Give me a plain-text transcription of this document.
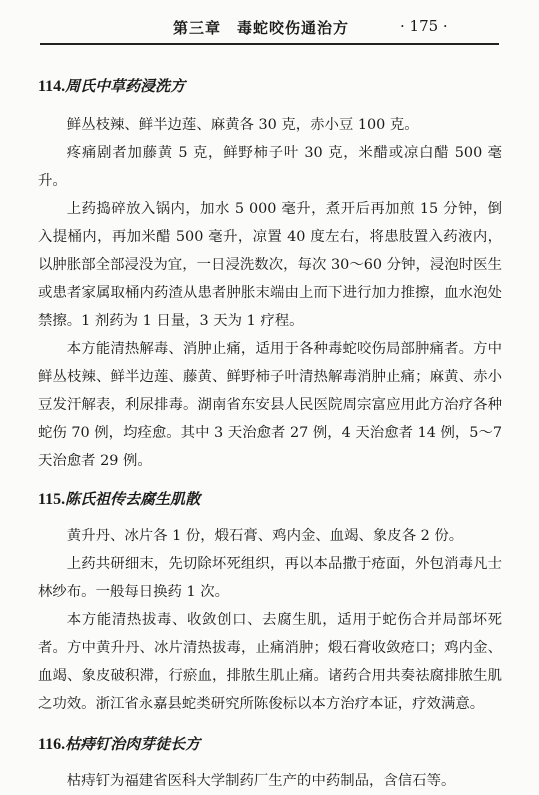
第三章　毒蛇咬伤通治方	· 175 ·
114.周氏中草药浸洗方

鲜丛枝辣、鲜半边莲、麻黄各 30 克，赤小豆 100 克。

疼痛剧者加藤黄 5 克，鲜野柿子叶 30 克，米醋或凉白醋 500 毫升。

上药捣碎放入锅内，加水 5 000 毫升，煮开后再加煎 15 分钟，倒入提桶内，再加米醋 500 毫升，凉置 40 度左右，将患肢置入药液内，以肿胀部全部浸没为宜，一日浸洗数次，每次 30～60 分钟，浸泡时医生或患者家属取桶内药渣从患者肿胀末端由上而下进行加力推擦，血水泡处禁擦。1 剂药为 1 日量，3 天为 1 疗程。

本方能清热解毒、消肿止痛，适用于各种毒蛇咬伤局部肿痛者。方中鲜丛枝辣、鲜半边莲、藤黄、鲜野柿子叶清热解毒消肿止痛；麻黄、赤小豆发汗解表，利尿排毒。湖南省东安县人民医院周宗富应用此方治疗各种蛇伤 70 例，均痊愈。其中 3 天治愈者 27 例，4 天治愈者 14 例，5～7 天治愈者 29 例。

115.陈氏祖传去腐生肌散

黄升丹、冰片各 1 份，煅石膏、鸡内金、血竭、象皮各 2 份。

上药共研细末，先切除坏死组织，再以本品撒于疮面，外包消毒凡士林纱布。一般每日换药 1 次。

本方能清热拔毒、收敛创口、去腐生肌，适用于蛇伤合并局部坏死者。方中黄升丹、冰片清热拔毒，止痛消肿；煅石膏收敛疮口；鸡内金、血竭、象皮破积滞，行瘀血，排脓生肌止痛。诸药合用共奏祛腐排脓生肌之功效。浙江省永嘉县蛇类研究所陈俊标以本方治疗本证，疗效满意。

116.枯痔钉治肉芽徒长方

枯痔钉为福建省医科大学制药厂生产的中药制品，含信石等。
